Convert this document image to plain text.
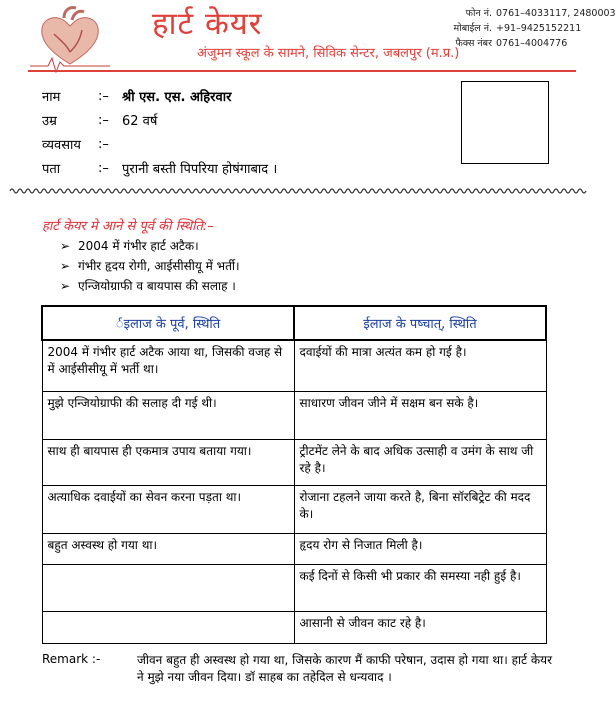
हार्ट केयर
अंजुमन स्कूल के सामने, सिविक सेन्टर, जबलपुर (म.प्र.)
फोन नं. 0761–4033117, 2480003
मोबाईल नं. +91–9425152211
फैक्स नंबर 0761–4004776
नाम	:–	श्री एस. एस. अहिरवार
उम्र	:–	62 वर्ष
व्यवसाय	:–
पता	:–	पुरानी बस्ती पिपरिया होषंगाबाद ।
हार्ट केयर मे आने से पूर्व की स्थिति:–
➢ 2004 में गंभीर हार्ट अटैक।
➢ गंभीर हृदय रोगी, आईसीसीयू में भर्ती।
➢ एन्जियोग्राफी व बायपास की सलाह ।
र्इलाज के पूर्व, स्थिति	ईलाज के पष्चात्‌, स्थिति
2004 में गंभीर हार्ट अटैक आया था, जिसकी वजह से में आईसीसीयू में भर्ती था।	दवाईयों की मात्रा अत्यंत कम हो गई है।
मुझे एन्जियोग्राफी की सलाह दी गई थी।	साधारण जीवन जीने में सक्षम बन सके है।
साथ ही बायपास ही एकमात्र उपाय बताया गया।	ट्रीटमेंट लेने के बाद अधिक उत्साही व उमंग के साथ जी रहे है।
अत्याधिक दवाईयों का सेवन करना पड़ता था।	रोजाना टहलने जाया करते है, बिना सॉरबिट्रेट की मदद के।
बहुत अस्वस्थ हो गया था।	हृदय रोग से निजात मिली है।
	कई दिनों से किसी भी प्रकार की समस्या नही हुई है।
	आसानी से जीवन काट रहे है।
Remark :-	जीवन बहुत ही अस्वस्थ हो गया था, जिसके कारण मैं काफी परेषान, उदास हो गया था। हार्ट केयर ने मुझे नया जीवन दिया। डॉ साहब का तहेदिल से धन्यवाद ।
